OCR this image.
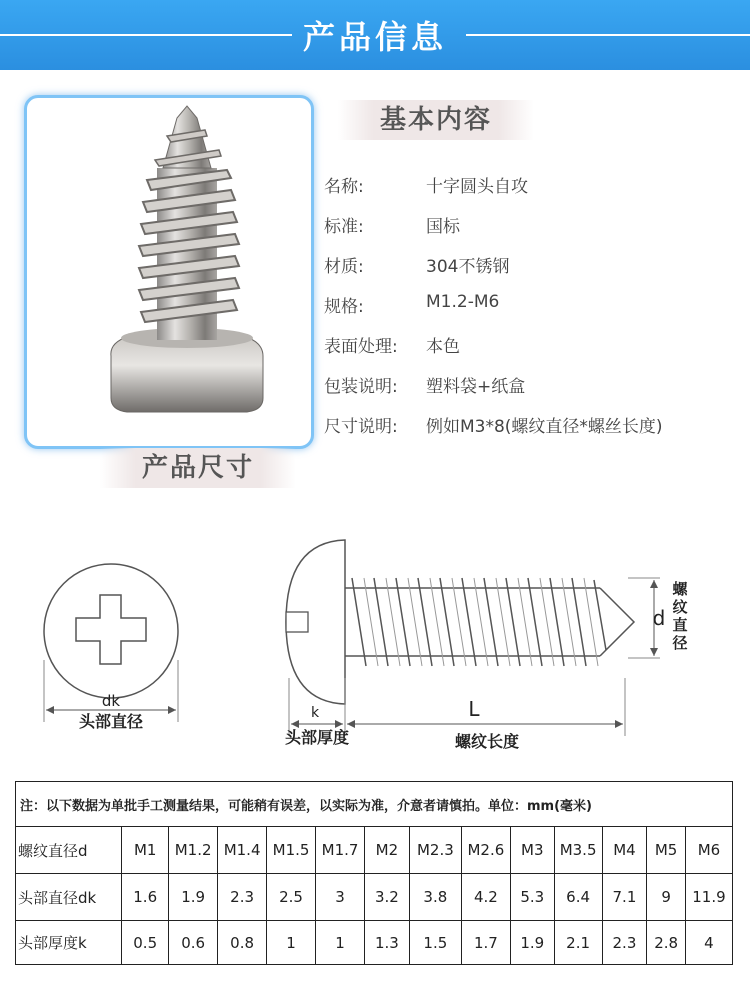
产品信息
基本内容
名称:	十字圆头自攻
标准:	国标
材质:	304不锈钢
规格:	M1.2-M6
表面处理: 本色
包装说明: 塑料袋+纸盒
尺寸说明: 例如M3*8(螺纹直径*螺丝长度)
产品尺寸
dk
头部直径
d
螺
纹
直
径
k
头部厚度
L
螺纹长度
注：以下数据为单批手工测量结果，可能稍有误差，以实际为准，介意者请慎拍。单位：mm(毫米)													
螺纹直径d	M1	M1.2	M1.4	M1.5	M1.7	M2	M2.3	M2.6	M3	M3.5	M4	M5	M6
头部直径dk	1.6	1.9	2.3	2.5	3	3.2	3.8	4.2	5.3	6.4	7.1	9	11.9
头部厚度k	0.5	0.6	0.8	1	1	1.3	1.5	1.7	1.9	2.1	2.3	2.8	4
